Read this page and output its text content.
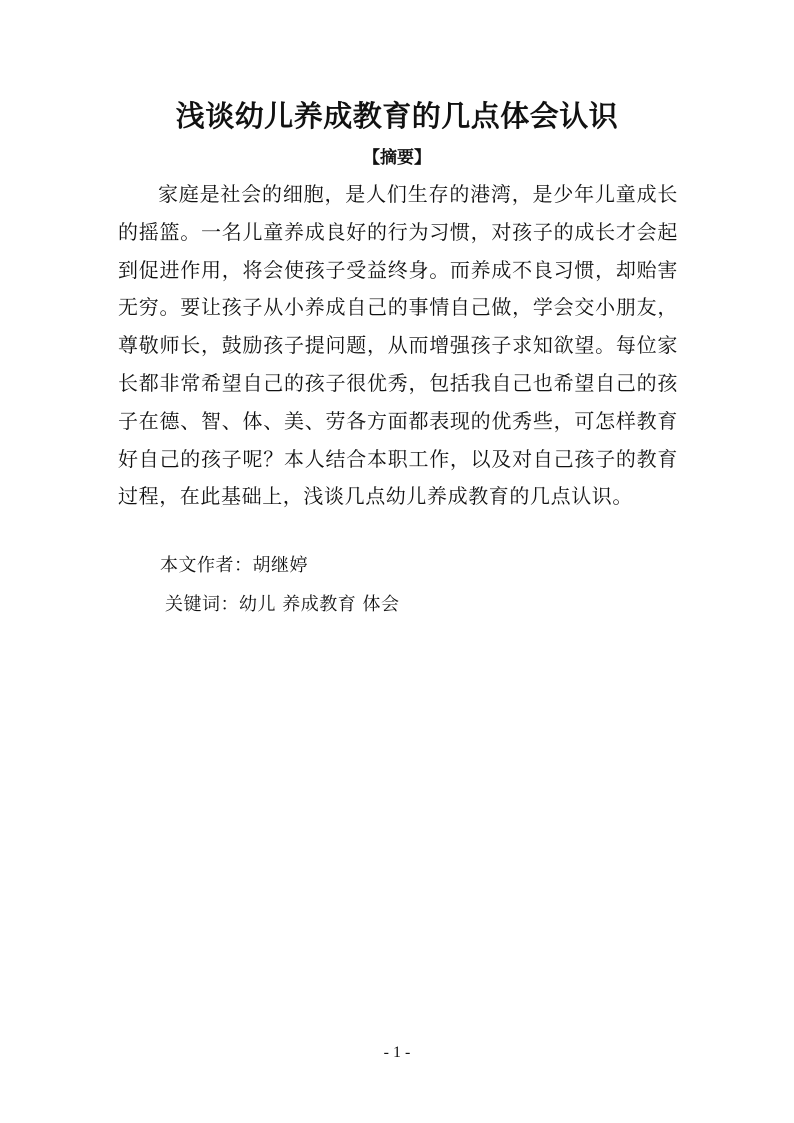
浅谈幼儿养成教育的几点体会认识
【摘要】
家庭是社会的细胞，是人们生存的港湾，是少年儿童成长的摇篮。一名儿童养成良好的行为习惯，对孩子的成长才会起到促进作用，将会使孩子受益终身。而养成不良习惯，却贻害无穷。要让孩子从小养成自己的事情自己做，学会交小朋友，尊敬师长，鼓励孩子提问题，从而增强孩子求知欲望。每位家长都非常希望自己的孩子很优秀，包括我自己也希望自己的孩子在德、智、体、美、劳各方面都表现的优秀些，可怎样教育好自己的孩子呢？本人结合本职工作，以及对自己孩子的教育过程，在此基础上，浅谈几点幼儿养成教育的几点认识。
本文作者：胡继婷
关键词：幼儿 养成教育 体会
- 1 -
